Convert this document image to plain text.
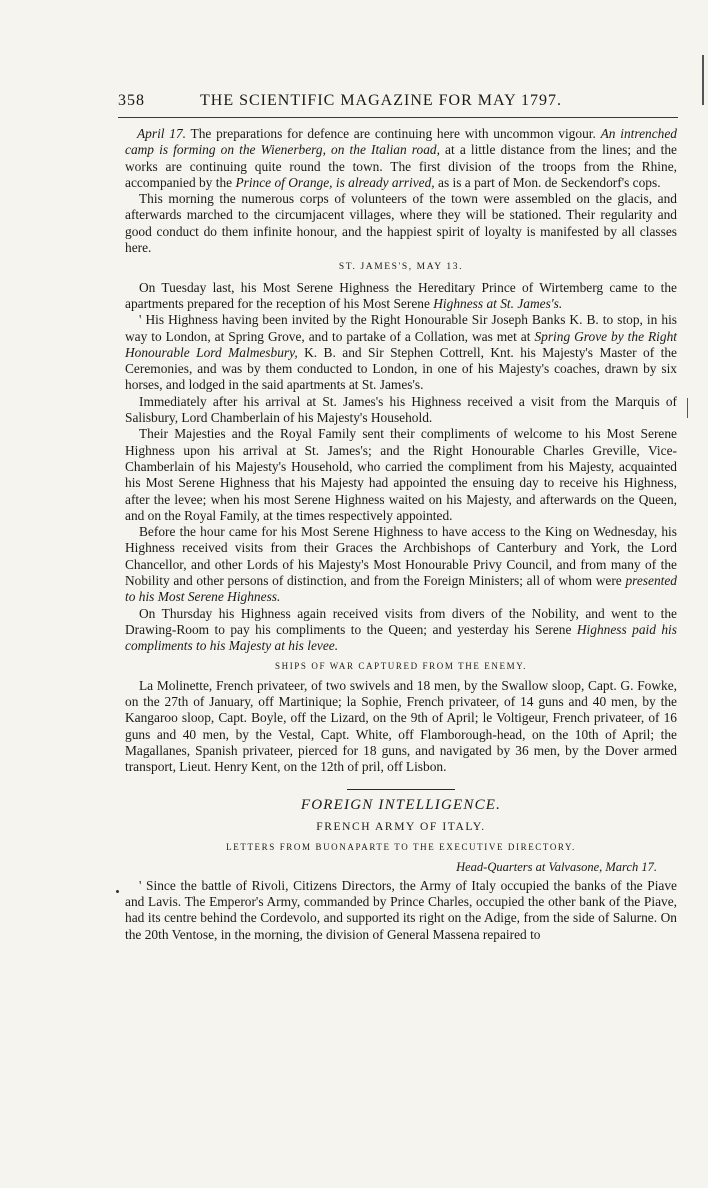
358	THE SCIENTIFIC MAGAZINE FOR MAY 1797.

April 17. The preparations for defence are continuing here with uncommon vigour. An intrenched camp is forming on the Wienerberg, on the Italian road, at a little distance from the lines; and the works are continuing quite round the town. The first division of the troops from the Rhine, accompanied by the Prince of Orange, is already arrived, as is a part of Mon. de Seckendorf's cops.

This morning the numerous corps of volunteers of the town were assembled on the glacis, and afterwards marched to the circumjacent villages, where they will be stationed. Their regularity and good conduct do them infinite honour, and the happiest spirit of loyalty is manifested by all classes here.

ST. JAMES'S, MAY 13.

On Tuesday last, his Most Serene Highness the Hereditary Prince of Wirtemberg came to the apartments prepared for the reception of his Most Serene Highness at St. James's.

' His Highness having been invited by the Right Honourable Sir Joseph Banks K. B. to stop, in his way to London, at Spring Grove, and to partake of a Collation, was met at Spring Grove by the Right Honourable Lord Malmesbury, K. B. and Sir Stephen Cottrell, Knt. his Majesty's Master of the Ceremonies, and was by them conducted to London, in one of his Majesty's coaches, drawn by six horses, and lodged in the said apartments at St. James's.

Immediately after his arrival at St. James's his Highness received a visit from the Marquis of Salisbury, Lord Chamberlain of his Majesty's Household.

Their Majesties and the Royal Family sent their compliments of welcome to his Most Serene Highness upon his arrival at St. James's; and the Right Honourable Charles Greville, Vice-Chamberlain of his Majesty's Household, who carried the compliment from his Majesty, acquainted his Most Serene Highness that his Majesty had appointed the ensuing day to receive his Highness, after the levee; when his most Serene Highness waited on his Majesty, and afterwards on the Queen, and on the Royal Family, at the times respectively appointed.

Before the hour came for his Most Serene Highness to have access to the King on Wednesday, his Highness received visits from their Graces the Archbishops of Canterbury and York, the Lord Chancellor, and other Lords of his Majesty's Most Honourable Privy Council, and from many of the Nobility and other persons of distinction, and from the Foreign Ministers; all of whom were presented to his Most Serene Highness.

On Thursday his Highness again received visits from divers of the Nobility, and went to the Drawing-Room to pay his compliments to the Queen; and yesterday his Serene Highness paid his compliments to his Majesty at his levee.

SHIPS OF WAR CAPTURED FROM THE ENEMY.

La Molinette, French privateer, of two swivels and 18 men, by the Swallow sloop, Capt. G. Fowke, on the 27th of January, off Martinique; la Sophie, French privateer, of 14 guns and 40 men, by the Kangaroo sloop, Capt. Boyle, off the Lizard, on the 9th of April; le Voltigeur, French privateer, of 16 guns and 40 men, by the Vestal, Capt. White, off Flamborough-head, on the 10th of April; the Magallanes, Spanish privateer, pierced for 18 guns, and navigated by 36 men, by the Dover armed transport, Lieut. Henry Kent, on the 12th of pril, off Lisbon.

FOREIGN INTELLIGENCE.
FRENCH ARMY OF ITALY.
LETTERS FROM BUONAPARTE TO THE EXECUTIVE DIRECTORY.
Head-Quarters at Valvasone, March 17.

' Since the battle of Rivoli, Citizens Directors, the Army of Italy occupied the banks of the Piave and Lavis. The Emperor's Army, commanded by Prince Charles, occupied the other bank of the Piave, had its centre behind the Cordevolo, and supported its right on the Adige, from the side of Salurne. On the 20th Ventose, in the morning, the division of General Massena repaired to
